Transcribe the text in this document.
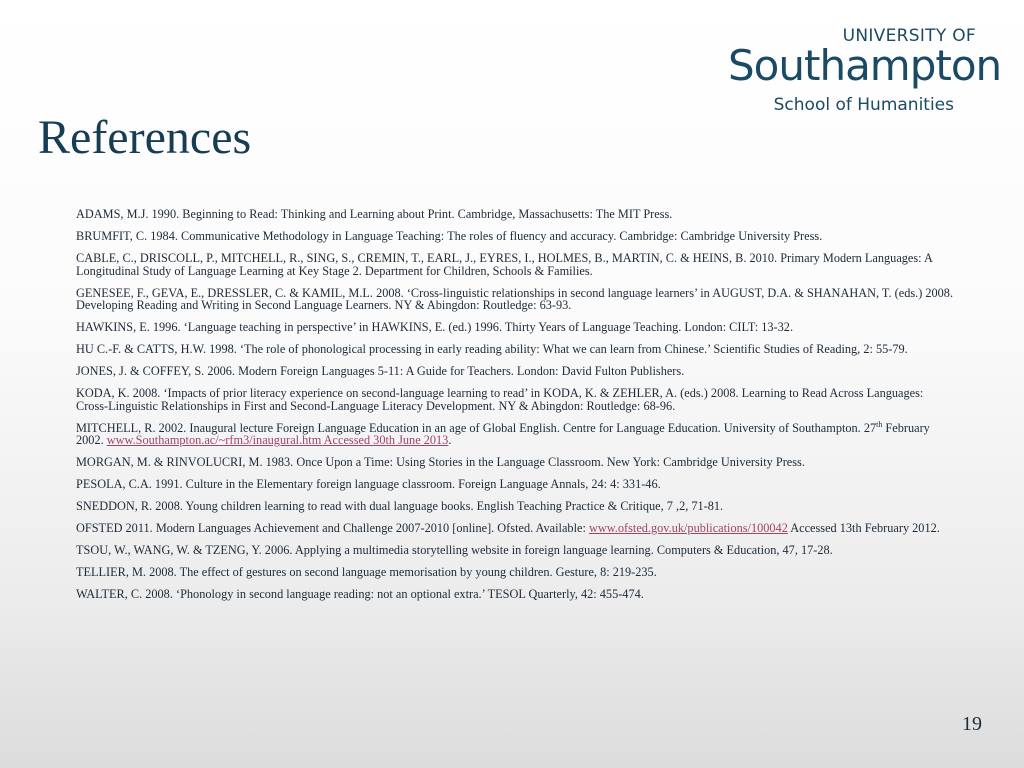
UNIVERSITY OF
Southampton
School of Humanities
References

ADAMS, M.J. 1990. Beginning to Read: Thinking and Learning about Print. Cambridge, Massachusetts: The MIT Press.

BRUMFIT, C. 1984. Communicative Methodology in Language Teaching: The roles of fluency and accuracy. Cambridge: Cambridge University Press.

CABLE, C., DRISCOLL, P., MITCHELL, R., SING, S., CREMIN, T., EARL, J., EYRES, I., HOLMES, B., MARTIN, C. & HEINS, B. 2010. Primary Modern Languages: A Longitudinal Study of Language Learning at Key Stage 2. Department for Children, Schools & Families.

GENESEE, F., GEVA, E., DRESSLER, C. & KAMIL, M.L. 2008. ‘Cross-linguistic relationships in second language learners’ in AUGUST, D.A. & SHANAHAN, T. (eds.) 2008. Developing Reading and Writing in Second Language Learners. NY & Abingdon: Routledge: 63-93.

HAWKINS, E. 1996. ‘Language teaching in perspective’ in HAWKINS, E. (ed.) 1996. Thirty Years of Language Teaching. London: CILT: 13-32.

HU C.-F. & CATTS, H.W. 1998. ‘The role of phonological processing in early reading ability: What we can learn from Chinese.’ Scientific Studies of Reading, 2: 55-79.

JONES, J. & COFFEY, S. 2006. Modern Foreign Languages 5-11: A Guide for Teachers. London: David Fulton Publishers.

KODA, K. 2008. ‘Impacts of prior literacy experience on second-language learning to read’ in KODA, K. & ZEHLER, A. (eds.) 2008. Learning to Read Across Languages: Cross-Linguistic Relationships in First and Second-Language Literacy Development. NY & Abingdon: Routledge: 68-96.

MITCHELL, R. 2002. Inaugural lecture Foreign Language Education in an age of Global English. Centre for Language Education. University of Southampton. 27th February 2002. www.Southampton.ac/~rfm3/inaugural.htm Accessed 30th June 2013.

MORGAN, M. & RINVOLUCRI, M. 1983. Once Upon a Time: Using Stories in the Language Classroom. New York: Cambridge University Press.

PESOLA, C.A. 1991. Culture in the Elementary foreign language classroom. Foreign Language Annals, 24: 4: 331-46.

SNEDDON, R. 2008. Young children learning to read with dual language books. English Teaching Practice & Critique, 7 ,2, 71-81.

OFSTED 2011. Modern Languages Achievement and Challenge 2007-2010 [online]. Ofsted. Available: www.ofsted.gov.uk/publications/100042 Accessed 13th February 2012.

TSOU, W., WANG, W. & TZENG, Y. 2006. Applying a multimedia storytelling website in foreign language learning. Computers & Education, 47, 17-28.

TELLIER, M. 2008. The effect of gestures on second language memorisation by young children. Gesture, 8: 219-235.

WALTER, C. 2008. ‘Phonology in second language reading: not an optional extra.’ TESOL Quarterly, 42: 455-474.

19
